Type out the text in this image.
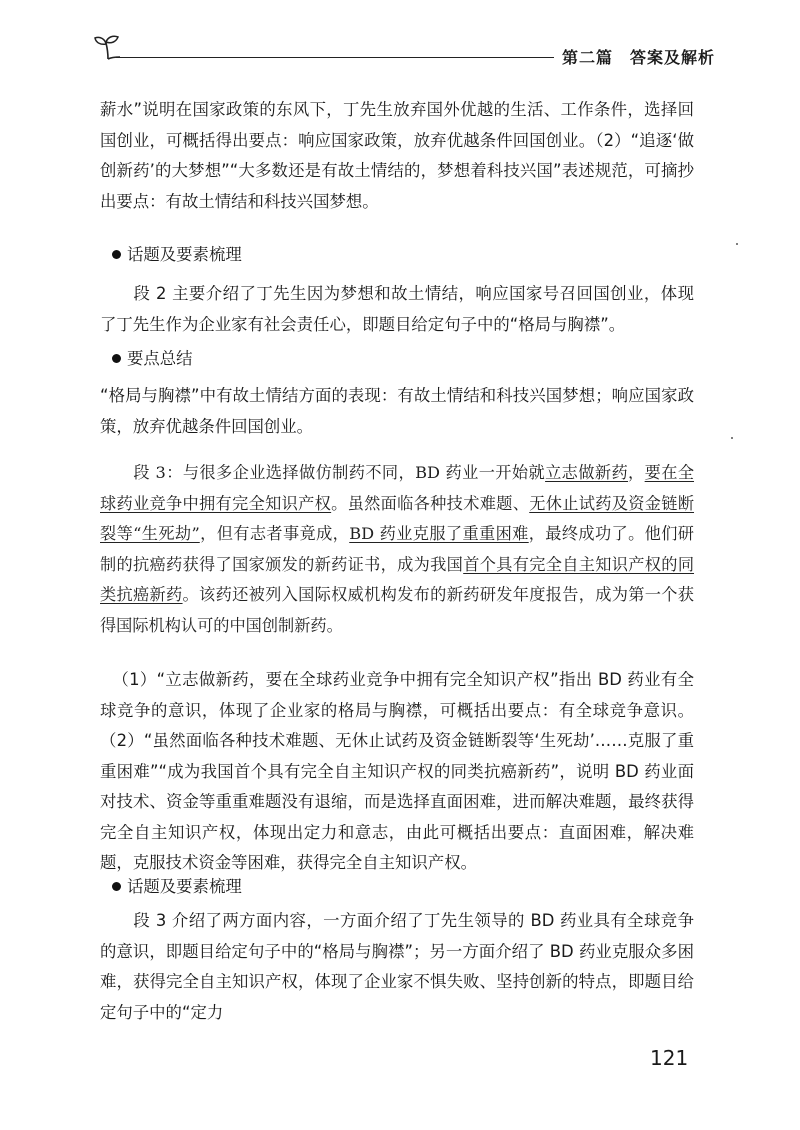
第二篇　答案及解析

薪水”说明在国家政策的东风下，丁先生放弃国外优越的生活、工作条件，选择回国创业，可概括得出要点：响应国家政策，放弃优越条件回国创业。（2）“追逐‘做创新药’的大梦想”“大多数还是有故土情结的，梦想着科技兴国”表述规范，可摘抄出要点：有故土情结和科技兴国梦想。

话题及要素梳理

段 2 主要介绍了丁先生因为梦想和故土情结，响应国家号召回国创业，体现了丁先生作为企业家有社会责任心，即题目给定句子中的“格局与胸襟”。

要点总结

“格局与胸襟”中有故土情结方面的表现：有故土情结和科技兴国梦想；响应国家政策，放弃优越条件回国创业。

段 3：与很多企业选择做仿制药不同，BD 药业一开始就立志做新药，要在全球药业竞争中拥有完全知识产权。虽然面临各种技术难题、无休止试药及资金链断裂等“生死劫”，但有志者事竟成，BD 药业克服了重重困难，最终成功了。他们研制的抗癌药获得了国家颁发的新药证书，成为我国首个具有完全自主知识产权的同类抗癌新药。该药还被列入国际权威机构发布的新药研发年度报告，成为第一个获得国际机构认可的中国创制新药。

（1）“立志做新药，要在全球药业竞争中拥有完全知识产权”指出 BD 药业有全球竞争的意识，体现了企业家的格局与胸襟，可概括出要点：有全球竞争意识。（2）“虽然面临各种技术难题、无休止试药及资金链断裂等‘生死劫’……克服了重重困难”“成为我国首个具有完全自主知识产权的同类抗癌新药”，说明 BD 药业面对技术、资金等重重难题没有退缩，而是选择直面困难，进而解决难题，最终获得完全自主知识产权，体现出定力和意志，由此可概括出要点：直面困难，解决难题，克服技术资金等困难，获得完全自主知识产权。

话题及要素梳理

段 3 介绍了两方面内容，一方面介绍了丁先生领导的 BD 药业具有全球竞争的意识，即题目给定句子中的“格局与胸襟”；另一方面介绍了 BD 药业克服众多困难，获得完全自主知识产权，体现了企业家不惧失败、坚持创新的特点，即题目给定句子中的“定力

121
